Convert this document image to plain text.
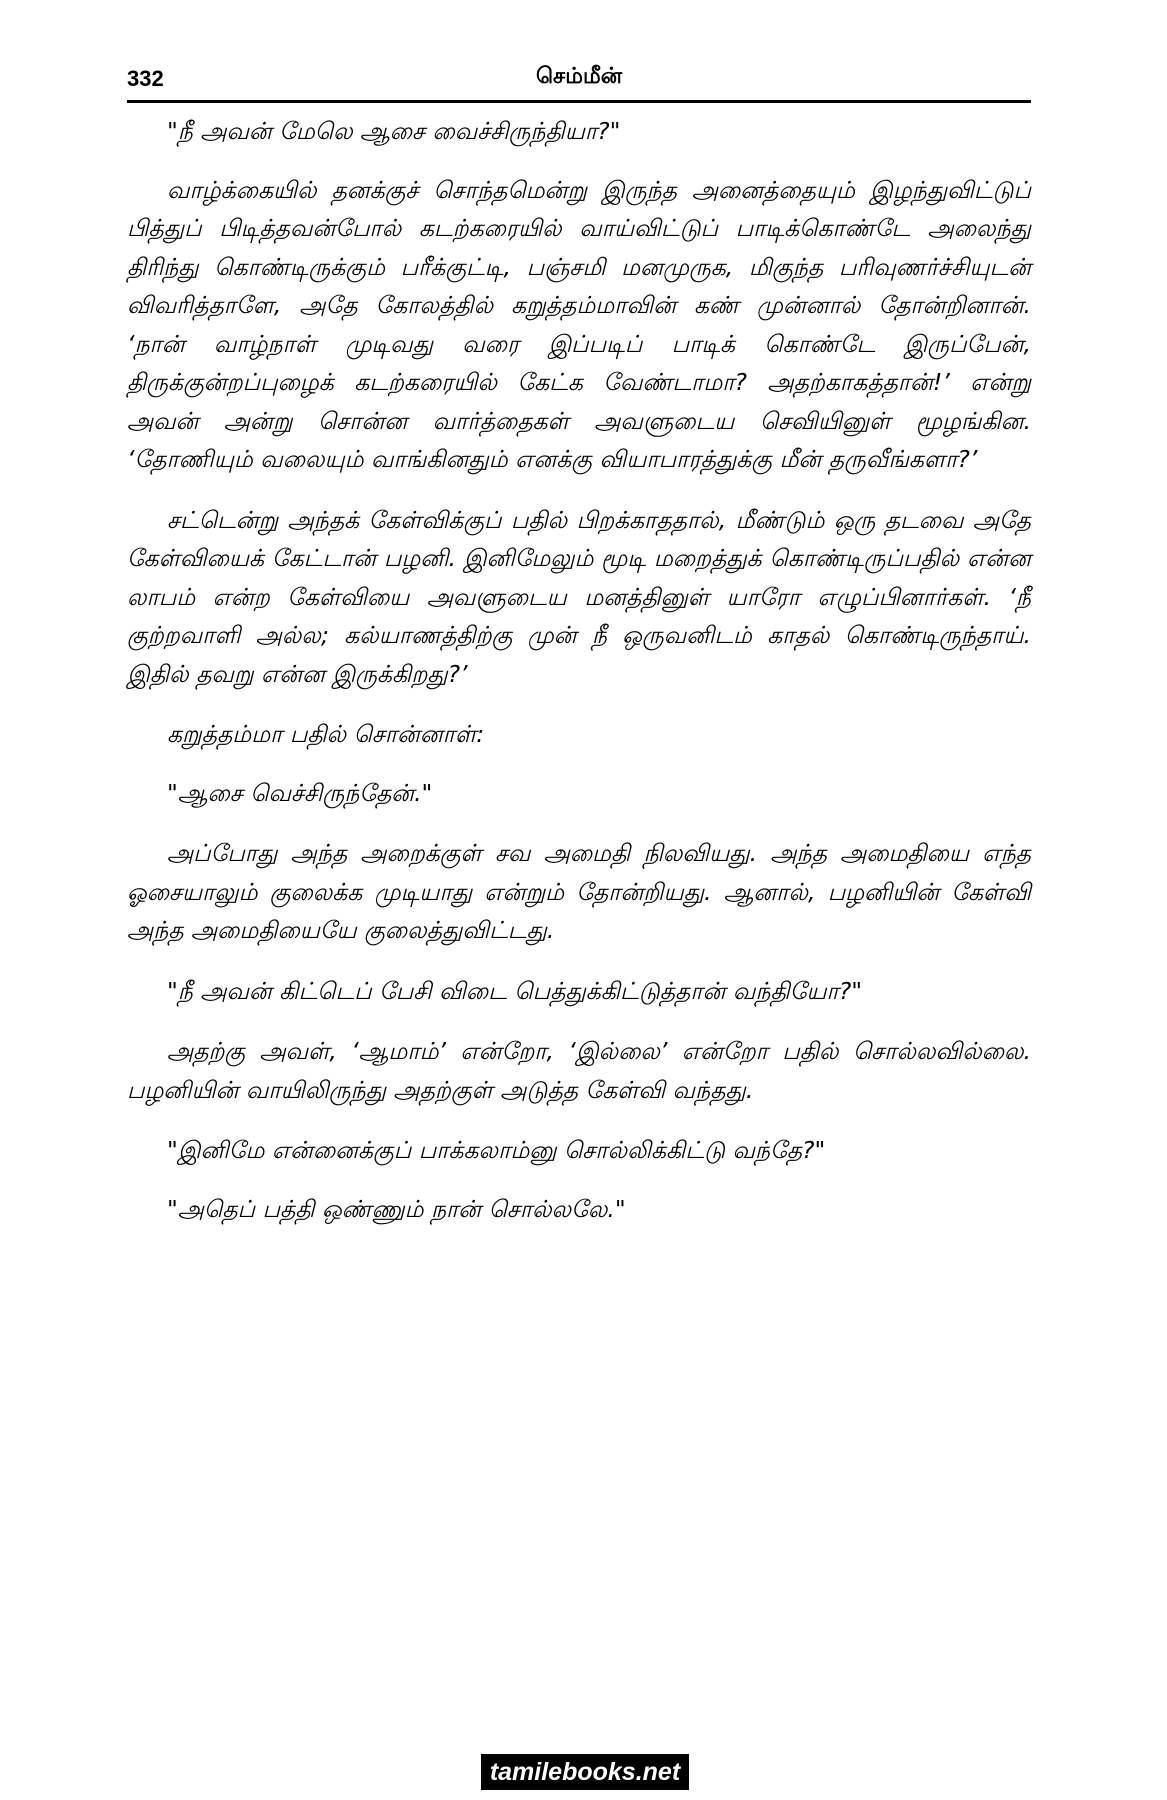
332	செம்மீன்

"நீ அவன் மேலெ ஆசை வைச்சிருந்தியா?"

வாழ்க்கையில் தனக்குச் சொந்தமென்று இருந்த அனைத்தையும் இழந்துவிட்டுப் பித்துப் பிடித்தவன்போல் கடற்கரையில் வாய்விட்டுப் பாடிக்கொண்டே அலைந்து திரிந்து கொண்டிருக்கும் பரீக்குட்டி, பஞ்சமி மனமுருக, மிகுந்த பரிவுணர்ச்சியுடன் விவரித்தாளே, அதே கோலத்தில் கறுத்தம்மாவின் கண் முன்னால் தோன்றினான். ‘நான் வாழ்நாள் முடிவது வரை இப்படிப் பாடிக் கொண்டே இருப்பேன், திருக்குன்றப்புழைக் கடற்கரையில் கேட்க வேண்டாமா? அதற்காகத்தான்!’ என்று அவன் அன்று சொன்ன வார்த்தைகள் அவளுடைய செவியினுள் மூழங்கின. ‘தோணியும் வலையும் வாங்கினதும் எனக்கு வியாபாரத்துக்கு மீன் தருவீங்களா?’

சட்டென்று அந்தக் கேள்விக்குப் பதில் பிறக்காததால், மீண்டும் ஒரு தடவை அதே கேள்வியைக் கேட்டான் பழனி. இனிமேலும் மூடி மறைத்துக் கொண்டிருப்பதில் என்ன லாபம் என்ற கேள்வியை அவளுடைய மனத்தினுள் யாரோ எழுப்பினார்கள். ‘நீ குற்றவாளி அல்ல; கல்யாணத்திற்கு முன் நீ ஒருவனிடம் காதல் கொண்டிருந்தாய். இதில் தவறு என்ன இருக்கிறது?’

கறுத்தம்மா பதில் சொன்னாள்:

"ஆசை வெச்சிருந்தேன்."

அப்போது அந்த அறைக்குள் சவ அமைதி நிலவியது. அந்த அமைதியை எந்த ஓசையாலும் குலைக்க முடியாது என்றும் தோன்றியது. ஆனால், பழனியின் கேள்வி அந்த அமைதியையே குலைத்துவிட்டது.

"நீ அவன் கிட்டெப் பேசி விடை பெத்துக்கிட்டுத்தான் வந்தியோ?"

அதற்கு அவள், ‘ஆமாம்’ என்றோ, ‘இல்லை’ என்றோ பதில் சொல்லவில்லை. பழனியின் வாயிலிருந்து அதற்குள் அடுத்த கேள்வி வந்தது.

"இனிமே என்னைக்குப் பாக்கலாம்னு சொல்லிக்கிட்டு வந்தே?"

"அதெப் பத்தி ஒண்ணும் நான் சொல்லலே."

tamilebooks.net
